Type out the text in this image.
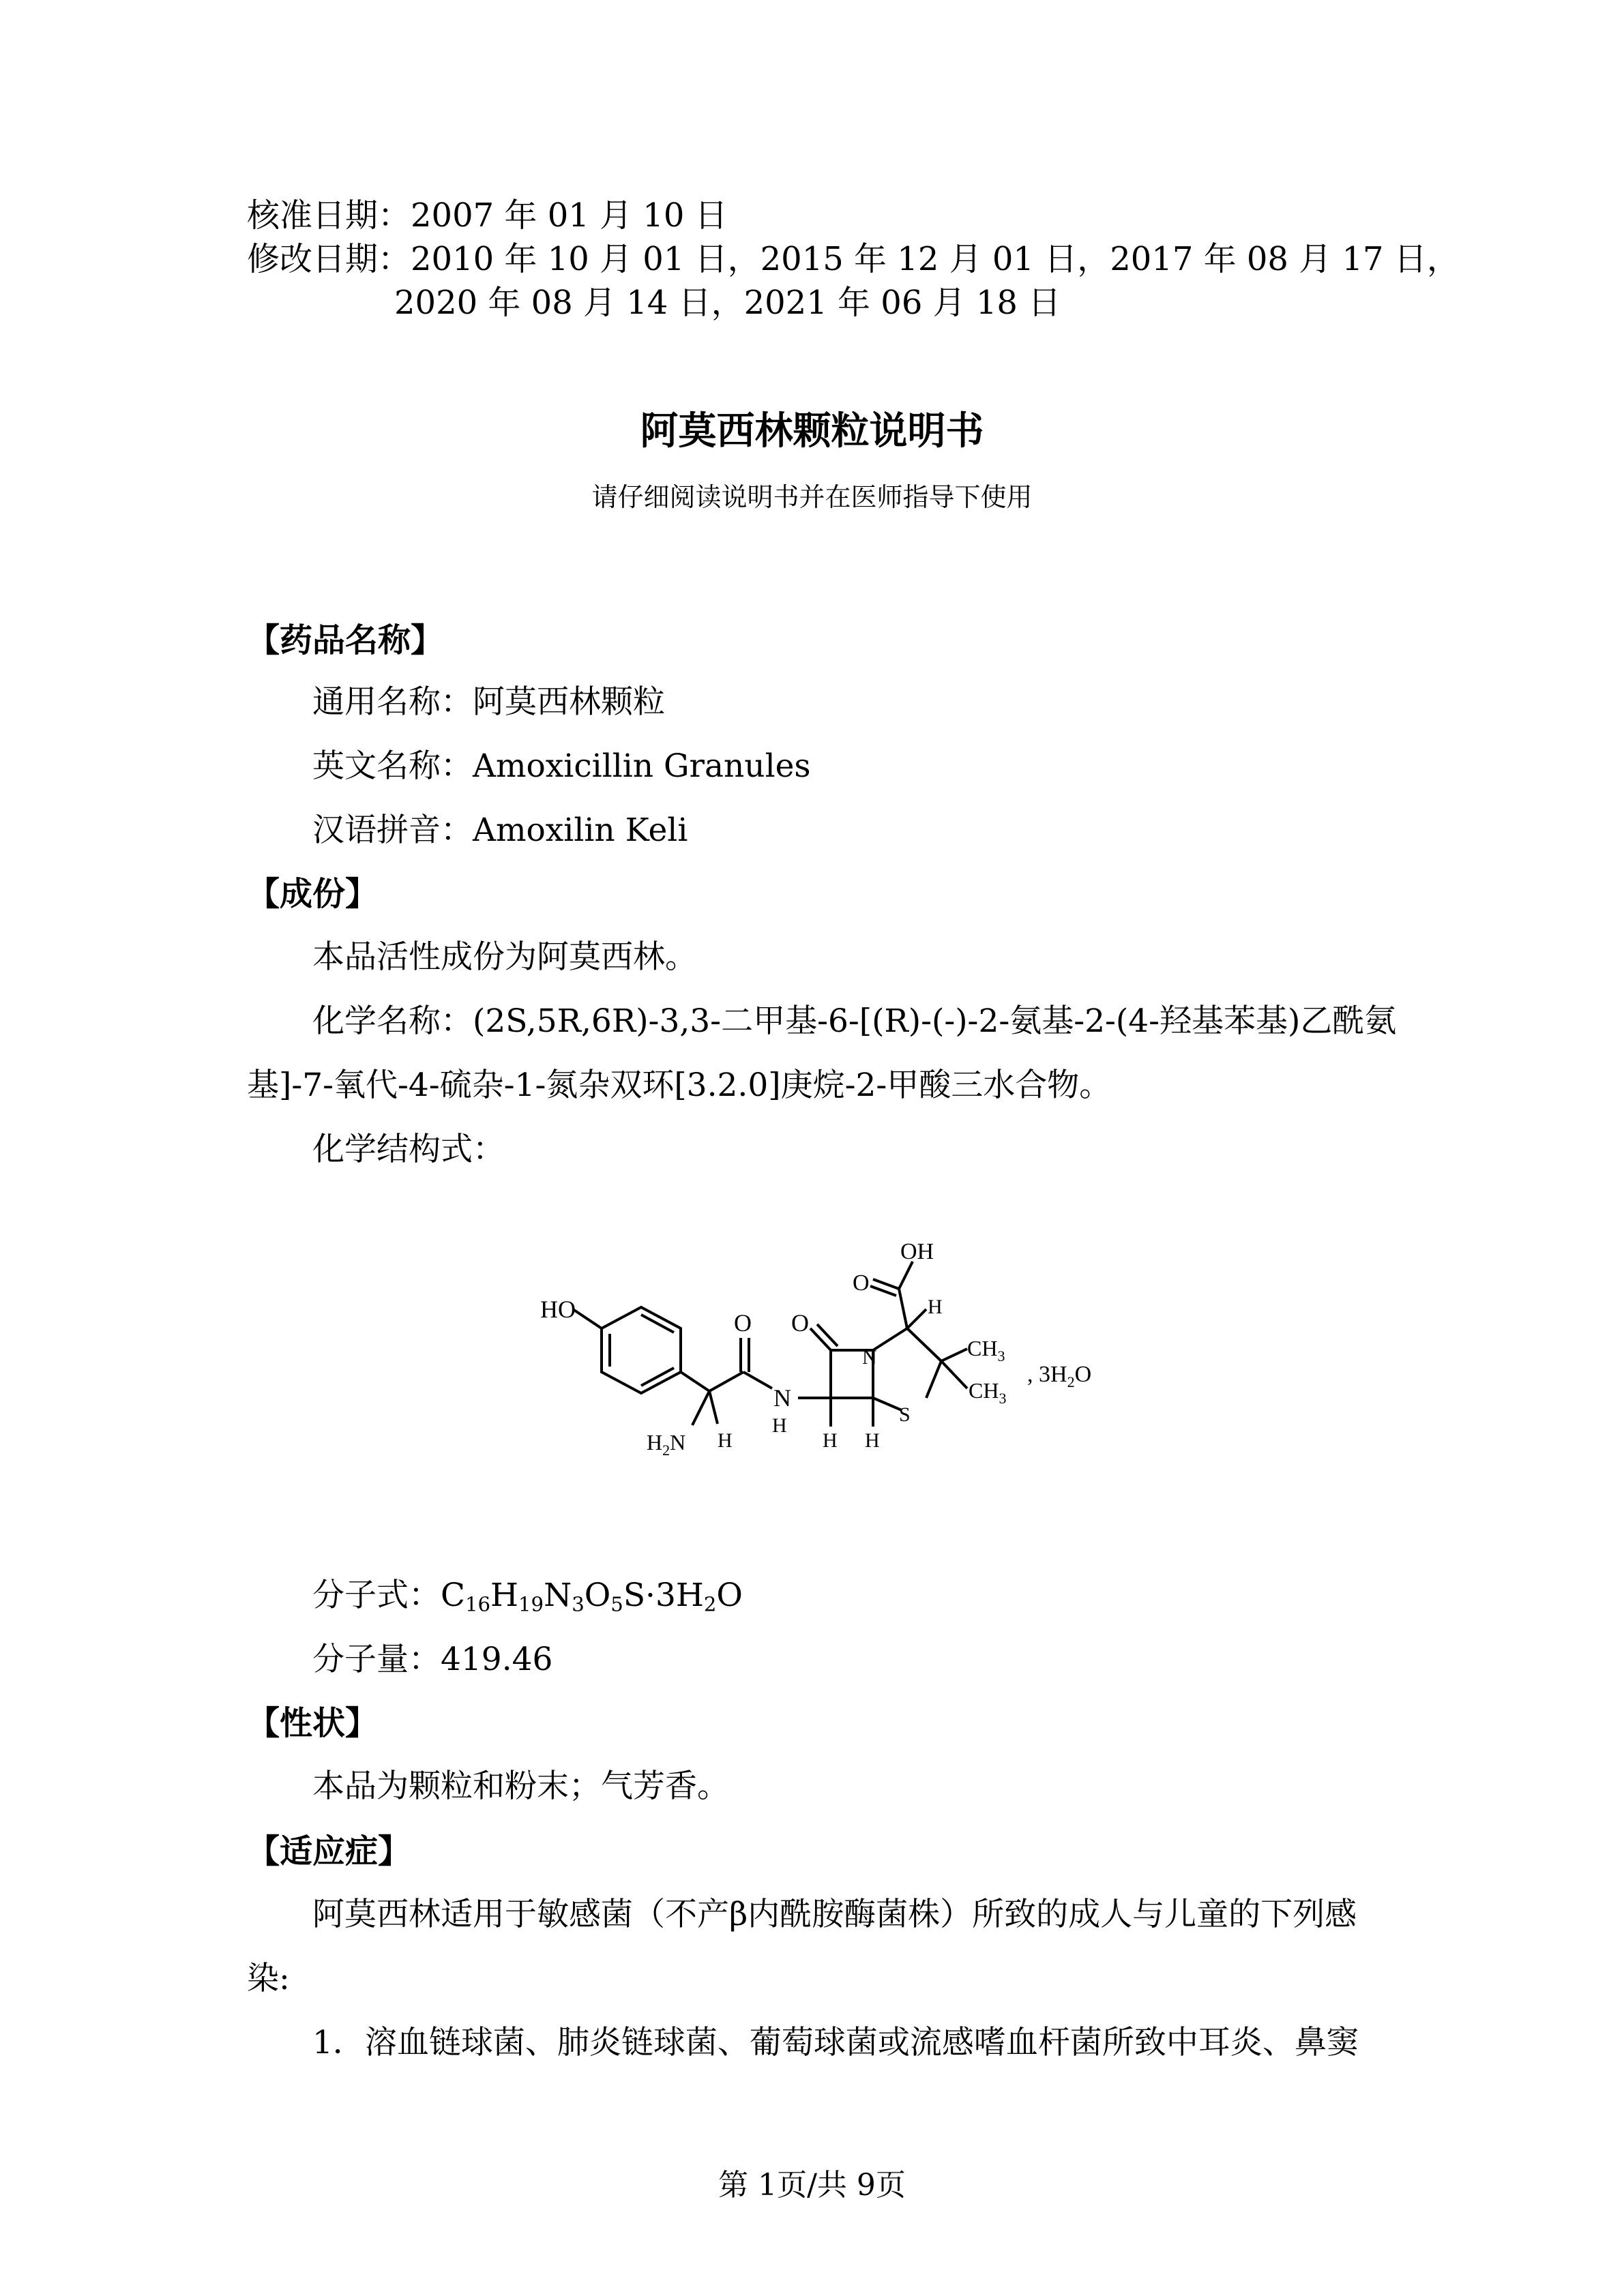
核准日期：2007 年 01 月 10 日
修改日期：2010 年 10 月 01 日，2015 年 12 月 01 日，2017 年 08 月 17 日，
2020 年 08 月 14 日，2021 年 06 月 18 日
阿莫西林颗粒说明书
请仔细阅读说明书并在医师指导下使用
【药品名称】
通用名称：阿莫西林颗粒
英文名称：Amoxicillin Granules
汉语拼音：Amoxilin Keli
【成份】
本品活性成份为阿莫西林。
化学名称：(2S,5R,6R)-3,3-二甲基-6-[(R)-(-)-2-氨基-2-(4-羟基苯基)乙酰氨
基]-7-氧代-4-硫杂-1-氮杂双环[3.2.0]庚烷-2-甲酸三水合物。
化学结构式：
HO	O
N
H
O
N
S
OH
O
H
$CH_3$
$CH_3$
$H_2N$ H	H H
, $3H_2O$
分子式：$C_{16}H_{19}N_3O_5S\cdot 3H_2O$
分子量：419.46
【性状】
本品为颗粒和粉末；气芳香。
【适应症】
阿莫西林适用于敏感菌（不产β内酰胺酶菌株）所致的成人与儿童的下列感
染:
1．溶血链球菌、肺炎链球菌、葡萄球菌或流感嗜血杆菌所致中耳炎、鼻窦
第 1页/共 9页
